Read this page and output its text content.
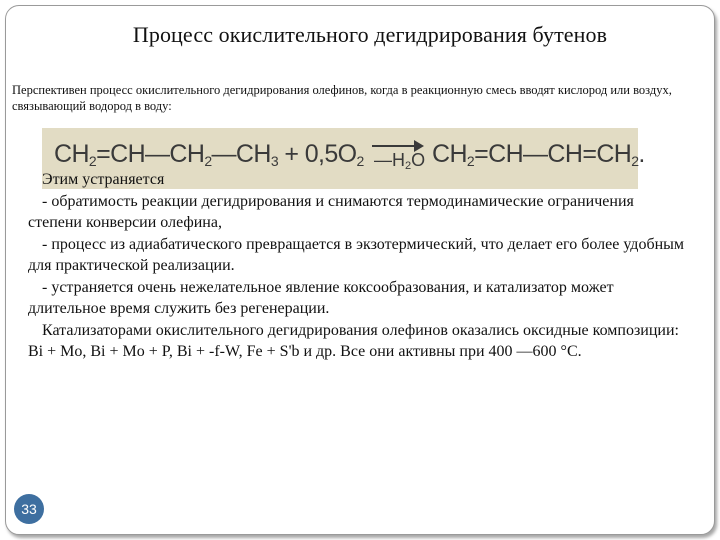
Процесс окислительного дегидрирования бутенов
Перспективен процесс окислительного дегидрирования олефинов, когда в реакционную смесь вводят кислород или воздух, связывающий водород в воду:
$CH_2=CH—CH_2—CH_3 + 0,5O_2$ $—H_2O$ $CH_2=CH—CH=CH_2$.

Этим устраняется

- обратимость реакции дегидрирования и снимаются термодинамические ограничения степени конверсии олефина,

- процесс из адиабатического превращается в экзотермический, что делает его более удобным для практической реализации.

- устраняется очень нежелательное явление коксообразования, и катализатор может длительное время служить без регенерации.

Катализаторами окислительного дегидрирования олефинов оказались оксидные композиции: Bi + Mo, Bi + Mo + P, Bi + -f-W, Fe + S'b и др. Все они активны при 400 —600 °C.

33
